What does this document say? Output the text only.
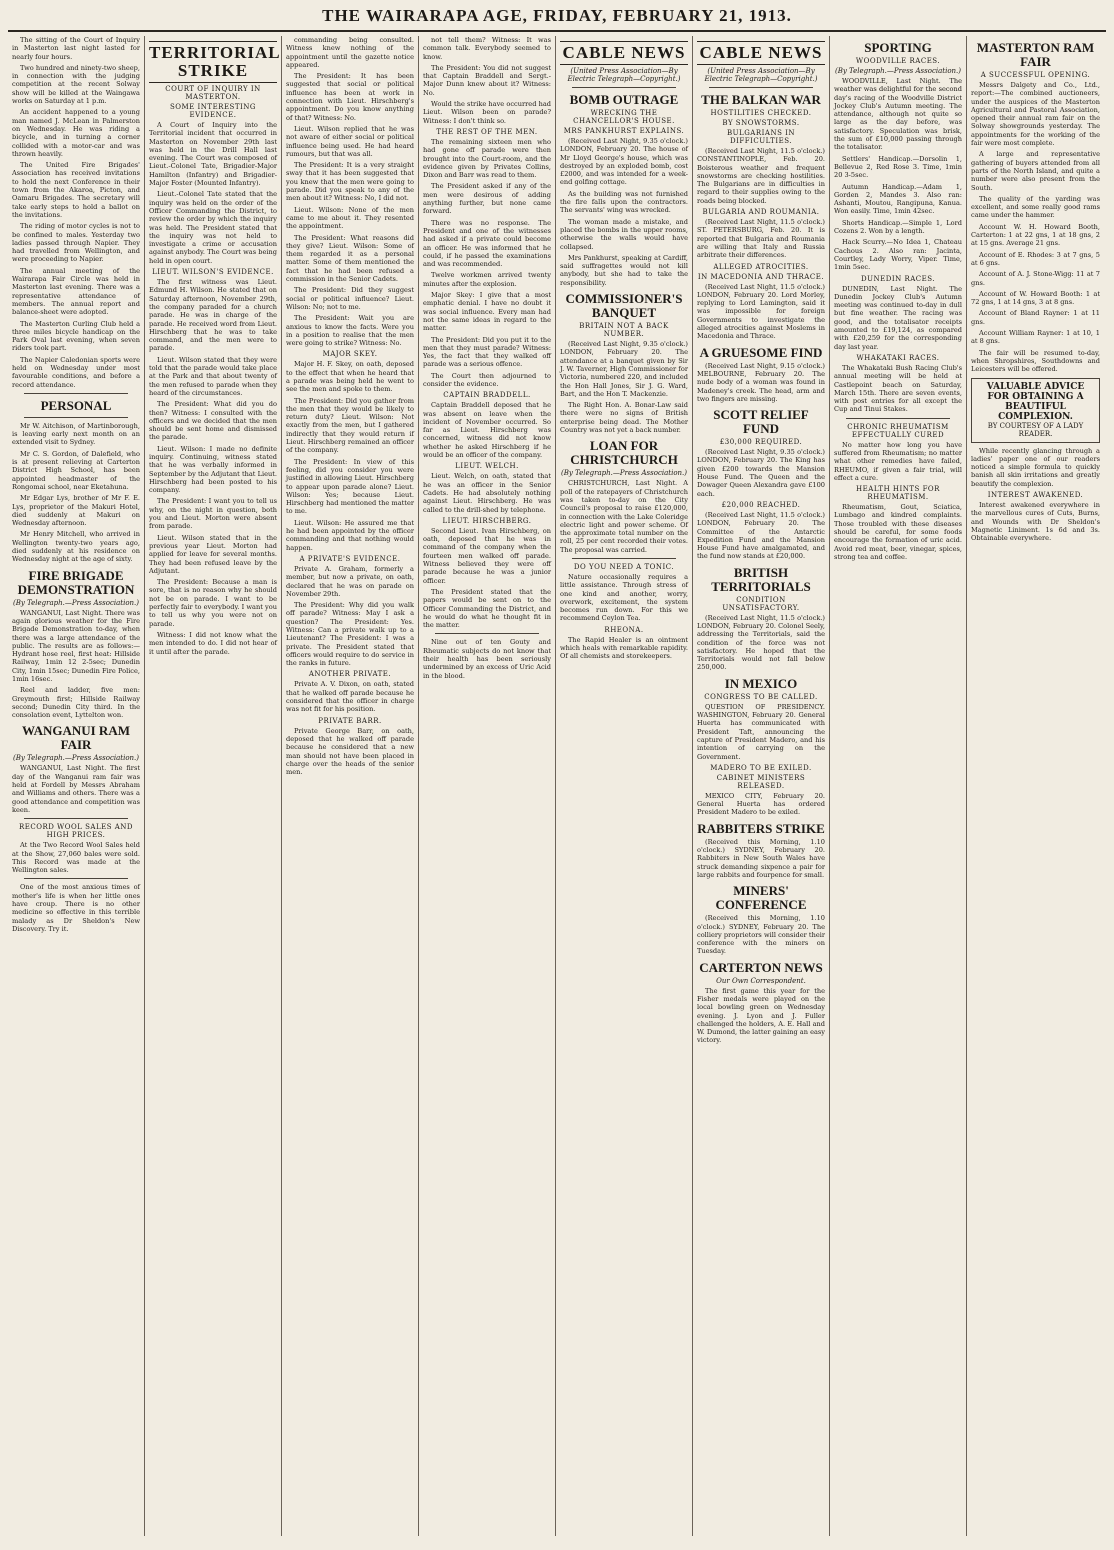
THE WAIRARAPA AGE, FRIDAY, FEBRUARY 21, 1913.

The sitting of the Court of Inquiry in Masterton last night lasted for nearly four hours.

Two hundred and ninety-two sheep, in connection with the judging competition at the recent Solway show will be killed at the Waingawa works on Saturday at 1 p.m.

An accident happened to a young man named J. McLean in Palmerston on Wednesday. He was riding a bicycle, and in turning a corner collided with a motor-car and was thrown heavily.

The United Fire Brigades' Association has received invitations to hold the next Conference in their town from the Akaroa, Picton, and Oamaru Brigades. The secretary will take early steps to hold a ballot on the invitations.

The riding of motor cycles is not to be confined to males. Yesterday two ladies passed through Napier. They had travelled from Wellington, and were proceeding to Napier.

The annual meeting of the Wairarapa Fair Circle was held in Masterton last evening. There was a representative attendance of members. The annual report and balance-sheet were adopted.

The Masterton Curling Club held a three miles bicycle handicap on the Park Oval last evening, when seven riders took part.

The Napier Caledonian sports were held on Wednesday under most favourable conditions, and before a record attendance.

PERSONAL

Mr W. Aitchison, of Martinborough, is leaving early next month on an extended visit to Sydney.

Mr C. S. Gordon, of Dalefield, who is at present relieving at Carterton District High School, has been appointed headmaster of the Rongomai school, near Eketahuna.

Mr Edgar Lys, brother of Mr F. E. Lys, proprietor of the Makuri Hotel, died suddenly at Makuri on Wednesday afternoon.

Mr Henry Mitchell, who arrived in Wellington twenty-two years ago, died suddenly at his residence on Wednesday night at the age of sixty.

FIRE BRIGADE DEMONSTRATION
(By Telegraph.—Press Association.)

WANGANUI, Last Night. There was again glorious weather for the Fire Brigade Demonstration to-day, when there was a large attendance of the public. The results are as follows:—Hydrant hose reel, first heat: Hillside Railway, 1min 12 2-5sec; Dunedin City, 1min 15sec; Dunedin Fire Police, 1min 16sec.

Reel and ladder, five men: Greymouth first; Hillside Railway second; Dunedin City third. In the consolation event, Lyttelton won.

WANGANUI RAM FAIR
(By Telegraph.—Press Association.)

WANGANUI, Last Night. The first day of the Wanganui ram fair was held at Fordell by Messrs Abraham and Williams and others. There was a good attendance and competition was keen.

RECORD WOOL SALES AND HIGH PRICES.

At the Two Record Wool Sales held at the Show, 27,060 bales were sold. This Record was made at the Wellington sales.

One of the most anxious times of mother's life is when her little ones have croup. There is no other medicine so effective in this terrible malady as Dr Sheldon's New Discovery. Try it.

TERRITORIAL STRIKE
COURT OF INQUIRY IN MASTERTON.
SOME INTERESTING EVIDENCE.

A Court of Inquiry into the Territorial incident that occurred in Masterton on November 29th last was held in the Drill Hall last evening. The Court was composed of Lieut.-Colonel Tate, Brigadier-Major Hamilton (Infantry) and Brigadier-Major Foster (Mounted Infantry).

Lieut.-Colonel Tate stated that the inquiry was held on the order of the Officer Commanding the District, to review the order by which the inquiry was held. The President stated that the inquiry was not held to investigate a crime or accusation against anybody. The Court was being held in open court.

LIEUT. WILSON'S EVIDENCE.

The first witness was Lieut. Edmund H. Wilson. He stated that on Saturday afternoon, November 29th, the company paraded for a church parade. He was in charge of the parade. He received word from Lieut. Hirschberg that he was to take command, and the men were to parade.

Lieut. Wilson stated that they were told that the parade would take place at the Park and that about twenty of the men refused to parade when they heard of the circumstances.

The President: What did you do then? Witness: I consulted with the officers and we decided that the men should be sent home and dismissed the parade.

Lieut. Wilson: I made no definite inquiry. Continuing, witness stated that he was verbally informed in September by the Adjutant that Lieut. Hirschberg had been posted to his company.

The President: I want you to tell us why, on the night in question, both you and Lieut. Morton were absent from parade.

Lieut. Wilson stated that in the previous year Lieut. Morton had applied for leave for several months. They had been refused leave by the Adjutant.

The President: Because a man is sore, that is no reason why he should not be on parade. I want to be perfectly fair to everybody. I want you to tell us why you were not on parade.

Witness: I did not know what the men intended to do. I did not hear of it until after the parade.

commanding being consulted. Witness knew nothing of the appointment until the gazette notice appeared.

The President: It has been suggested that social or political influence has been at work in connection with Lieut. Hirschberg's appointment. Do you know anything of that? Witness: No.

Lieut. Wilson replied that he was not aware of either social or political influence being used. He had heard rumours, but that was all.

The President: It is a very straight sway that it has been suggested that you knew that the men were going to parade. Did you speak to any of the men about it? Witness: No, I did not.

Lieut. Wilson: None of the men came to me about it. They resented the appointment.

The President: What reasons did they give? Lieut. Wilson: Some of them regarded it as a personal matter. Some of them mentioned the fact that he had been refused a commission in the Senior Cadets.

The President: Did they suggest social or political influence? Lieut. Wilson: No; not to me.

The President: Wait you are anxious to know the facts. Were you in a position to realise that the men were going to strike? Witness: No.

MAJOR SKEY.

Major H. F. Skey, on oath, deposed to the effect that when he heard that a parade was being held he went to see the men and spoke to them.

The President: Did you gather from the men that they would be likely to return duty? Lieut. Wilson: Not exactly from the men, but I gathered indirectly that they would return if Lieut. Hirschberg remained an officer of the company.

The President: In view of this feeling, did you consider you were justified in allowing Lieut. Hirschberg to appear upon parade alone? Lieut. Wilson: Yes; because Lieut. Hirschberg had mentioned the matter to me.

Lieut. Wilson: He assured me that he had been appointed by the officer commanding and that nothing would happen.

A PRIVATE'S EVIDENCE.

Private A. Graham, formerly a member, but now a private, on oath, declared that he was on parade on November 29th.

The President: Why did you walk off parade? Witness: May I ask a question? The President: Yes. Witness: Can a private walk up to a Lieutenant? The President: I was a private. The President stated that officers would require to do service in the ranks in future.

ANOTHER PRIVATE.

Private A. V. Dixon, on oath, stated that he walked off parade because he considered that the officer in charge was not fit for his position.

PRIVATE BARR.

Private George Barr, on oath, deposed that he walked off parade because he considered that a new man should not have been placed in charge over the heads of the senior men.

not tell them? Witness: It was common talk. Everybody seemed to know.

The President: You did not suggest that Captain Braddell and Sergt.-Major Dunn knew about it? Witness: No.

Would the strike have occurred had Lieut. Wilson been on parade? Witness: I don't think so.

THE REST OF THE MEN.

The remaining sixteen men who had gone off parade were then brought into the Court-room, and the evidence given by Privates Collins, Dixon and Barr was read to them.

The President asked if any of the men were desirous of adding anything further, but none came forward.

There was no response. The President and one of the witnesses had asked if a private could become an officer. He was informed that he could, if he passed the examinations and was recommended.

Twelve workmen arrived twenty minutes after the explosion.

Major Skey: I give that a most emphatic denial. I have no doubt it was social influence. Every man had not the same ideas in regard to the matter.

The President: Did you put it to the men that they must parade? Witness: Yes, the fact that they walked off parade was a serious offence.

The Court then adjourned to consider the evidence.

CAPTAIN BRADDELL.

Captain Braddell deposed that he was absent on leave when the incident of November occurred. So far as Lieut. Hirschberg was concerned, witness did not know whether he asked Hirschberg if he would be an officer of the company.

LIEUT. WELCH.

Lieut. Welch, on oath, stated that he was an officer in the Senior Cadets. He had absolutely nothing against Lieut. Hirschberg. He was called to the drill-shed by telephone.

LIEUT. HIRSCHBERG.

Second Lieut. Ivan Hirschberg, on oath, deposed that he was in command of the company when the fourteen men walked off parade. Witness believed they were off parade because he was a junior officer.

The President stated that the papers would be sent on to the Officer Commanding the District, and he would do what he thought fit in the matter.

Nine out of ten Gouty and Rheumatic subjects do not know that their health has been seriously undermined by an excess of Uric Acid in the blood.

CABLE NEWS
(United Press Association—By Electric Telegraph—Copyright.)
BOMB OUTRAGE
WRECKING THE CHANCELLOR'S HOUSE.
MRS PANKHURST EXPLAINS.

(Received Last Night, 9.35 o'clock.) LONDON, February 20. The house of Mr Lloyd George's house, which was destroyed by an exploded bomb, cost £2000, and was intended for a week-end golfing cottage.

As the building was not furnished the fire falls upon the contractors. The servants' wing was wrecked.

The woman made a mistake, and placed the bombs in the upper rooms, otherwise the walls would have collapsed.

Mrs Pankhurst, speaking at Cardiff, said suffragettes would not kill anybody, but she had to take the responsibility.

COMMISSIONER'S BANQUET
BRITAIN NOT A BACK NUMBER.

(Received Last Night, 9.35 o'clock.) LONDON, February 20. The attendance at a banquet given by Sir J. W. Taverner, High Commissioner for Victoria, numbered 220, and included the Hon Hall Jones, Sir J. G. Ward, Bart, and the Hon T. Mackenzie.

The Right Hon. A. Bonar-Law said there were no signs of British enterprise being dead. The Mother Country was not yet a back number.

LOAN FOR CHRISTCHURCH
(By Telegraph.—Press Association.)

CHRISTCHURCH, Last Night. A poll of the ratepayers of Christchurch was taken to-day on the City Council's proposal to raise £120,000, in connection with the Lake Coleridge electric light and power scheme. Of the approximate total number on the roll, 25 per cent recorded their votes. The proposal was carried.

DO YOU NEED A TONIC.

Nature occasionally requires a little assistance. Through stress of one kind and another, worry, overwork, excitement, the system becomes run down. For this we recommend Ceylon Tea.

RHEONA.

The Rapid Healer is an ointment which heals with remarkable rapidity. Of all chemists and storekeepers.

CABLE NEWS
(United Press Association—By Electric Telegraph—Copyright.)
THE BALKAN WAR
HOSTILITIES CHECKED.
BY SNOWSTORMS.
BULGARIANS IN DIFFICULTIES.

(Received Last Night, 11.5 o'clock.) CONSTANTINOPLE, Feb. 20. Boisterous weather and frequent snowstorms are checking hostilities. The Bulgarians are in difficulties in regard to their supplies owing to the roads being blocked.

BULGARIA AND ROUMANIA.

(Received Last Night, 11.5 o'clock.) ST. PETERSBURG, Feb. 20. It is reported that Bulgaria and Roumania are willing that Italy and Russia arbitrate their differences.

ALLEGED ATROCITIES.
IN MACEDONIA AND THRACE.

(Received Last Night, 11.5 o'clock.) LONDON, February 20. Lord Morley, replying to Lord Lamington, said it was impossible for foreign Governments to investigate the alleged atrocities against Moslems in Macedonia and Thrace.

A GRUESOME FIND

(Received Last Night, 9.15 o'clock.) MELBOURNE, February 20. The nude body of a woman was found in Madeney's creek. The head, arm and two fingers are missing.

SCOTT RELIEF FUND
£30,000 REQUIRED.

(Received Last Night, 9.35 o'clock.) LONDON, February 20. The King has given £200 towards the Mansion House Fund. The Queen and the Dowager Queen Alexandra gave £100 each.

£20,000 REACHED.

(Received Last Night, 11.5 o'clock.) LONDON, February 20. The Committee of the Antarctic Expedition Fund and the Mansion House Fund have amalgamated, and the fund now stands at £20,000.

BRITISH TERRITORIALS
CONDITION UNSATISFACTORY.

(Received Last Night, 11.5 o'clock.) LONDON, February 20. Colonel Seely, addressing the Territorials, said the condition of the force was not satisfactory. He hoped that the Territorials would not fall below 250,000.

IN MEXICO
CONGRESS TO BE CALLED.

QUESTION OF PRESIDENCY. WASHINGTON, February 20. General Huerta has communicated with President Taft, announcing the capture of President Madero, and his intention of carrying on the Government.

MADERO TO BE EXILED.
CABINET MINISTERS RELEASED.

MEXICO CITY, February 20. General Huerta has ordered President Madero to be exiled.

RABBITERS STRIKE

(Received this Morning, 1.10 o'clock.) SYDNEY, February 20. Rabbiters in New South Wales have struck demanding sixpence a pair for large rabbits and fourpence for small.

MINERS' CONFERENCE

(Received this Morning, 1.10 o'clock.) SYDNEY, February 20. The colliery proprietors will consider their conference with the miners on Tuesday.

CARTERTON NEWS
Our Own Correspondent.

The first game this year for the Fisher medals were played on the local bowling green on Wednesday evening. J. Lyon and J. Fuller challenged the holders, A. E. Hall and W. Dumond, the latter gaining an easy victory.

SPORTING
WOODVILLE RACES.
(By Telegraph.—Press Association.)

WOODVILLE, Last Night. The weather was delightful for the second day's racing of the Woodville District Jockey Club's Autumn meeting. The attendance, although not quite so large as the day before, was satisfactory. Speculation was brisk, the sum of £10,000 passing through the totalisator.

Settlers' Handicap.—Dorsolin 1, Bellevue 2, Red Rose 3. Time, 1min 20 3-5sec.

Autumn Handicap.—Adam 1, Gorden 2, Mandes 3. Also ran: Ashanti, Moutou, Rangipuna, Kanua. Won easily. Time, 1min 42sec.

Shorts Handicap.—Simple 1, Lord Cozens 2. Won by a length.

Hack Scurry.—No Idea 1, Chateau Cachous 2. Also ran: Jacinta, Courtley, Lady Worry, Viper. Time, 1min 5sec.

DUNEDIN RACES.

DUNEDIN, Last Night. The Dunedin Jockey Club's Autumn meeting was continued to-day in dull but fine weather. The racing was good, and the totalisator receipts amounted to £19,124, as compared with £20,259 for the corresponding day last year.

WHAKATAKI RACES.

The Whakataki Bush Racing Club's annual meeting will be held at Castlepoint beach on Saturday, March 15th. There are seven events, with post entries for all except the Cup and Tinui Stakes.

CHRONIC RHEUMATISM EFFECTUALLY CURED

No matter how long you have suffered from Rheumatism; no matter what other remedies have failed, RHEUMO, if given a fair trial, will effect a cure.

HEALTH HINTS FOR RHEUMATISM.

Rheumatism, Gout, Sciatica, Lumbago and kindred complaints. Those troubled with these diseases should be careful, for some foods encourage the formation of uric acid. Avoid red meat, beer, vinegar, spices, strong tea and coffee.

MASTERTON RAM FAIR
A SUCCESSFUL OPENING.

Messrs Dalgety and Co., Ltd., report:—The combined auctioneers, under the auspices of the Masterton Agricultural and Pastoral Association, opened their annual ram fair on the Solway showgrounds yesterday. The appointments for the working of the fair were most complete.

A large and representative gathering of buyers attended from all parts of the North Island, and quite a number were also present from the South.

The quality of the yarding was excellent, and some really good rams came under the hammer.

Account W. H. Howard Booth, Carterton: 1 at 22 gns, 1 at 18 gns, 2 at 15 gns. Average 21 gns.

Account of E. Rhodes: 3 at 7 gns, 5 at 6 gns.

Account of A. J. Stone-Wigg: 11 at 7 gns.

Account of W. Howard Booth: 1 at 72 gns, 1 at 14 gns, 3 at 8 gns.

Account of Bland Rayner: 1 at 11 gns.

Account William Rayner: 1 at 10, 1 at 8 gns.

The fair will be resumed to-day, when Shropshires, Southdowns and Leicesters will be offered.

VALUABLE ADVICE FOR OBTAINING A BEAUTIFUL COMPLEXION.
BY COURTESY OF A LADY READER.

While recently glancing through a ladies' paper one of our readers noticed a simple formula to quickly banish all skin irritations and greatly beautify the complexion.

INTEREST AWAKENED.

Interest awakened everywhere in the marvellous cures of Cuts, Burns, and Wounds with Dr Sheldon's Magnetic Liniment. 1s 6d and 3s. Obtainable everywhere.
